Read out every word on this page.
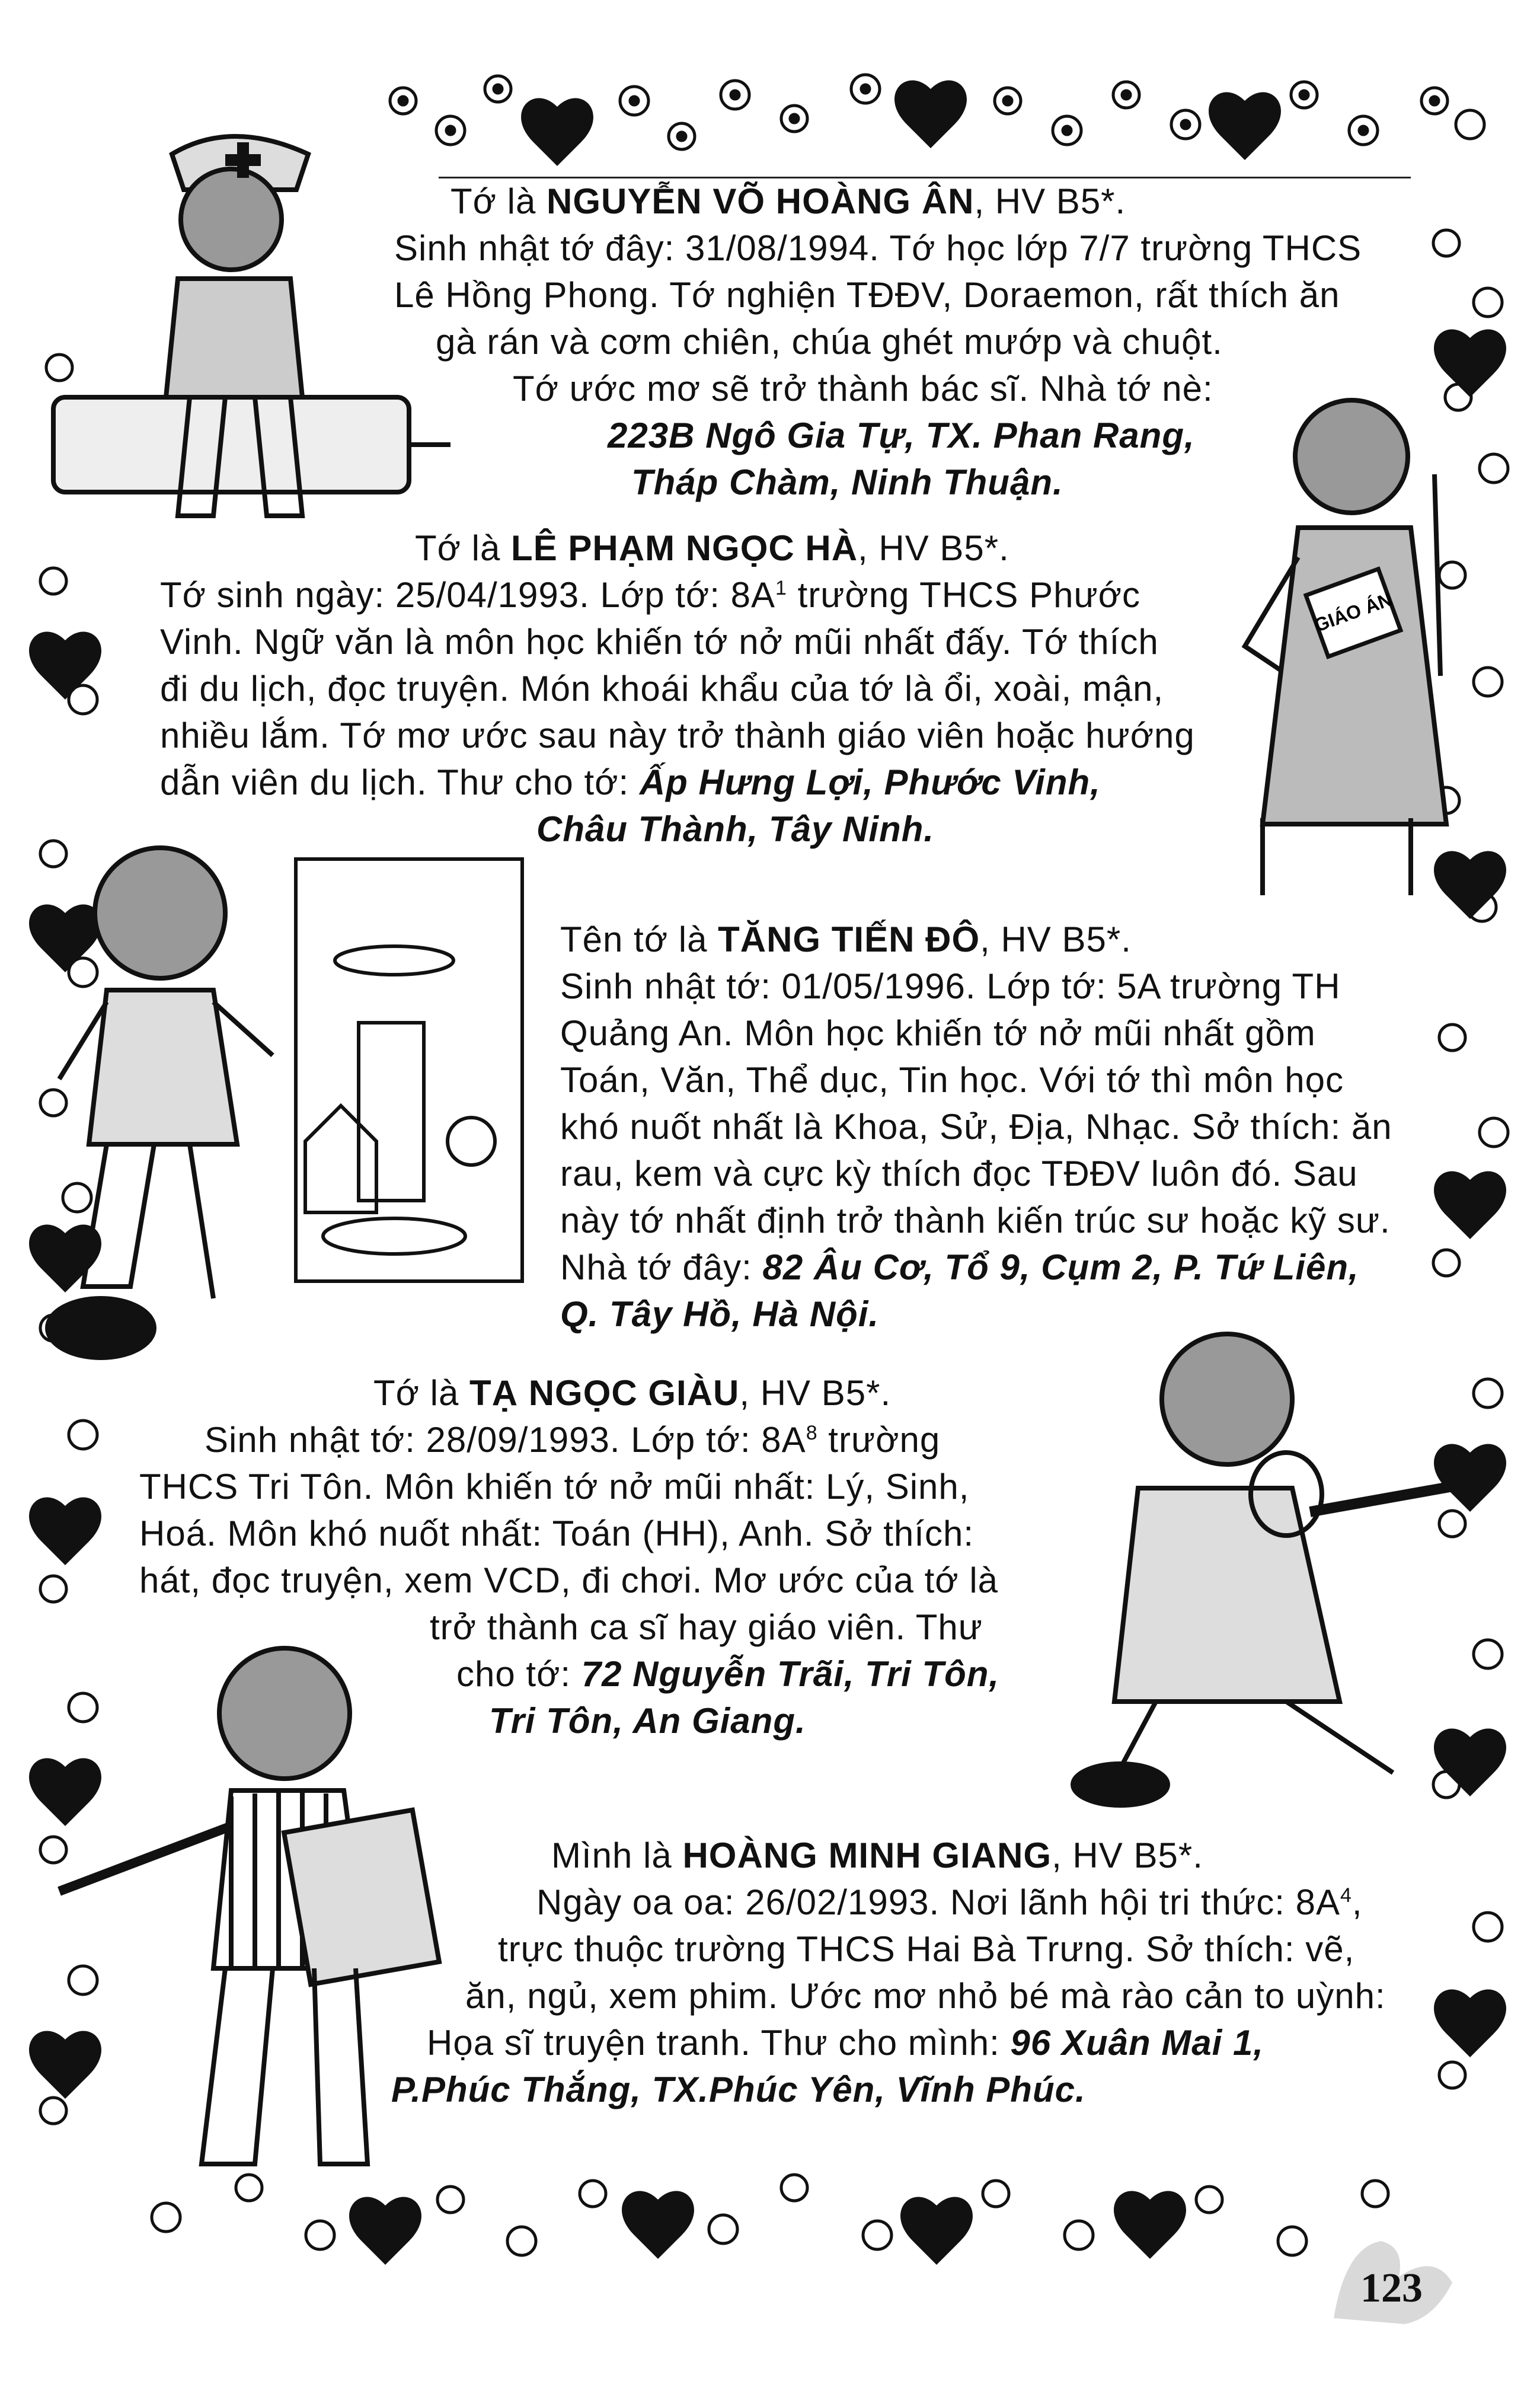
GIÁO ÁN

Tớ là NGUYỄN VÕ HOÀNG ÂN, HV B5*.

Sinh nhật tớ đây: 31/08/1994. Tớ học lớp 7/7 trường THCS

Lê Hồng Phong. Tớ nghiện TĐĐV, Doraemon, rất thích ăn

gà rán và cơm chiên, chúa ghét mướp và chuột.

Tớ ước mơ sẽ trở thành bác sĩ. Nhà tớ nè:

223B Ngô Gia Tự, TX. Phan Rang,

Tháp Chàm, Ninh Thuận.

Tớ là LÊ PHẠM NGỌC HÀ, HV B5*.

Tớ sinh ngày: 25/04/1993. Lớp tớ: $8A^1$ trường THCS Phước

Vinh. Ngữ văn là môn học khiến tớ nở mũi nhất đấy. Tớ thích

đi du lịch, đọc truyện. Món khoái khẩu của tớ là ổi, xoài, mận,

nhiều lắm. Tớ mơ ước sau này trở thành giáo viên hoặc hướng

dẫn viên du lịch. Thư cho tớ: Ấp Hưng Lợi, Phước Vinh,

Châu Thành, Tây Ninh.

Tên tớ là TĂNG TIẾN ĐÔ, HV B5*.

Sinh nhật tớ: 01/05/1996. Lớp tớ: 5A trường TH

Quảng An. Môn học khiến tớ nở mũi nhất gồm

Toán, Văn, Thể dục, Tin học. Với tớ thì môn học

khó nuốt nhất là Khoa, Sử, Địa, Nhạc. Sở thích: ăn

rau, kem và cực kỳ thích đọc TĐĐV luôn đó. Sau

này tớ nhất định trở thành kiến trúc sư hoặc kỹ sư.

Nhà tớ đây: 82 Âu Cơ, Tổ 9, Cụm 2, P. Tứ Liên,

Q. Tây Hồ, Hà Nội.

Tớ là TẠ NGỌC GIÀU, HV B5*.

Sinh nhật tớ: 28/09/1993. Lớp tớ: $8A^8$ trường

THCS Tri Tôn. Môn khiến tớ nở mũi nhất: Lý, Sinh,

Hoá. Môn khó nuốt nhất: Toán (HH), Anh. Sở thích:

hát, đọc truyện, xem VCD, đi chơi. Mơ ước của tớ là

trở thành ca sĩ hay giáo viên. Thư

cho tớ: 72 Nguyễn Trãi, Tri Tôn,

Tri Tôn, An Giang.

Mình là HOÀNG MINH GIANG, HV B5*.

Ngày oa oa: 26/02/1993. Nơi lãnh hội tri thức: $8A^4$,

trực thuộc trường THCS Hai Bà Trưng. Sở thích: vẽ,

ăn, ngủ, xem phim. Ước mơ nhỏ bé mà rào cản to uỳnh:

Họa sĩ truyện tranh. Thư cho mình: 96 Xuân Mai 1,

P.Phúc Thắng, TX.Phúc Yên, Vĩnh Phúc.

123
